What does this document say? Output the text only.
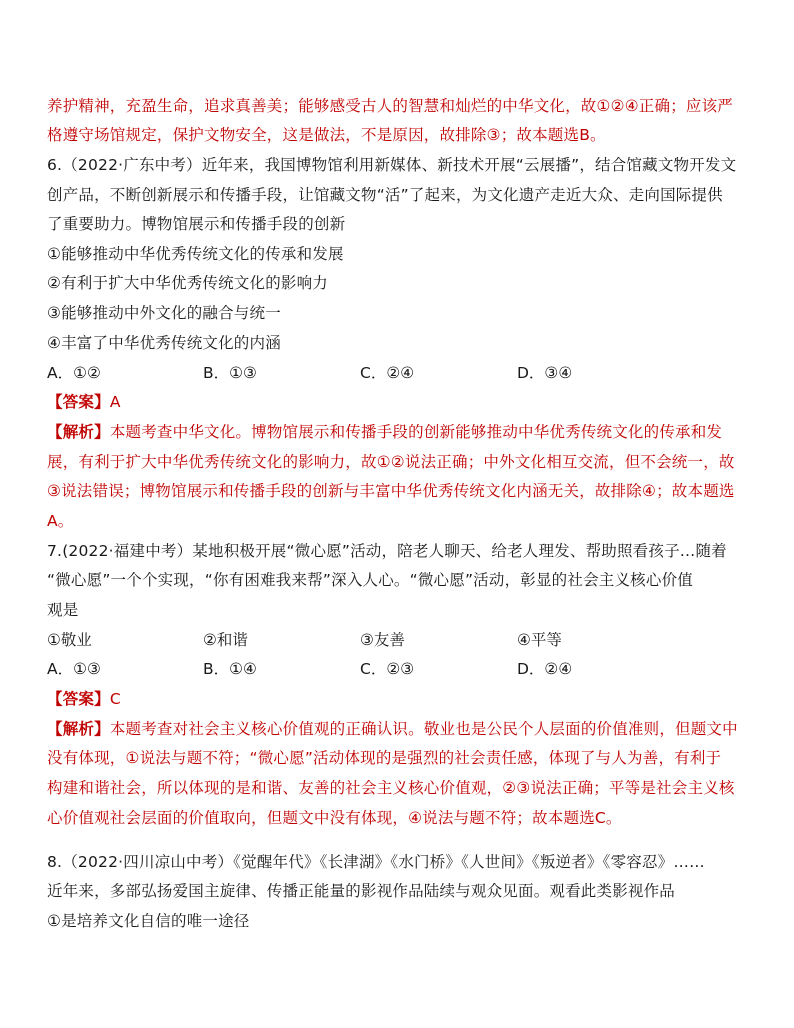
养护精神，充盈生命，追求真善美；能够感受古人的智慧和灿烂的中华文化，故①②④正确；应该严
格遵守场馆规定，保护文物安全，这是做法，不是原因，故排除③；故本题选B。
6.（2022·广东中考）近年来，我国博物馆利用新媒体、新技术开展“云展播”，结合馆藏文物开发文
创产品，不断创新展示和传播手段，让馆藏文物“活”了起来，为文化遗产走近大众、走向国际提供
了重要助力。博物馆展示和传播手段的创新
①能够推动中华优秀传统文化的传承和发展
②有利于扩大中华优秀传统文化的影响力
③能够推动中外文化的融合与统一
④丰富了中华优秀传统文化的内涵
A．①②	B．①③	C．②④	D．③④
【答案】A
【解析】本题考查中华文化。博物馆展示和传播手段的创新能够推动中华优秀传统文化的传承和发
展，有利于扩大中华优秀传统文化的影响力，故①②说法正确；中外文化相互交流，但不会统一，故
③说法错误；博物馆展示和传播手段的创新与丰富中华优秀传统文化内涵无关，故排除④；故本题选
A。
7.(2022·福建中考）某地积极开展“微心愿”活动，陪老人聊天、给老人理发、帮助照看孩子…随着
“微心愿”一个个实现，“你有困难我来帮”深入人心。“微心愿”活动，彰显的社会主义核心价值
观是
①敬业	②和谐	③友善	④平等
A．①③	B．①④	C．②③	D．②④
【答案】C
【解析】本题考查对社会主义核心价值观的正确认识。敬业也是公民个人层面的价值准则，但题文中
没有体现，①说法与题不符；“微心愿”活动体现的是强烈的社会责任感，体现了与人为善，有利于
构建和谐社会，所以体现的是和谐、友善的社会主义核心价值观，②③说法正确；平等是社会主义核
心价值观社会层面的价值取向，但题文中没有体现，④说法与题不符；故本题选C。
8.（2022·四川凉山中考）《觉醒年代》《长津湖》《水门桥》《人世间》《叛逆者》《零容忍》……
近年来，多部弘扬爱国主旋律、传播正能量的影视作品陆续与观众见面。观看此类影视作品
①是培养文化自信的唯一途径
